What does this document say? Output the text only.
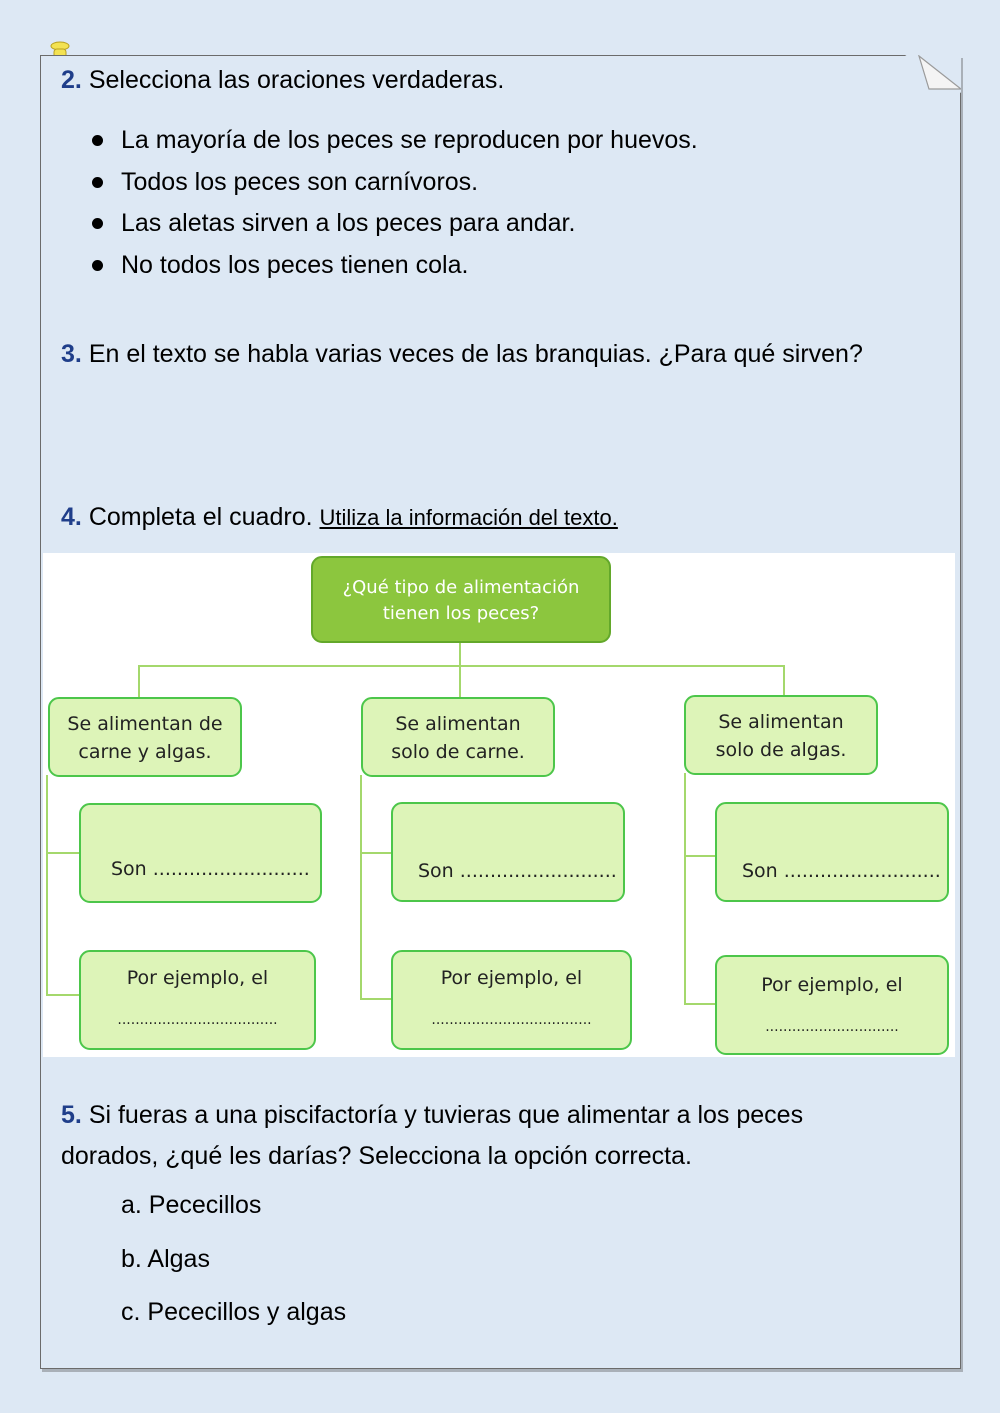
2. Selecciona las oraciones verdaderas.
La mayoría de los peces se reproducen por huevos.
Todos los peces son carnívoros.
Las aletas sirven a los peces para andar.
No todos los peces tienen cola.
3. En el texto se habla varias veces de las branquias. ¿Para qué sirven?
4. Completa el cuadro. Utiliza la información del texto.
¿Qué tipo de alimentación
tienen los peces?
Se alimentan de
carne y algas.
Son ..........................
Por ejemplo, el
....................................
Se alimentan
solo de carne.
Son ..........................
Por ejemplo, el
....................................
Se alimentan
solo de algas.
Son ..........................
Por ejemplo, el
..............................
5. Si fueras a una piscifactoría y tuvieras que alimentar a los peces
dorados, ¿qué les darías? Selecciona la opción correcta.
a. Pececillos
b. Algas
c. Pececillos y algas
